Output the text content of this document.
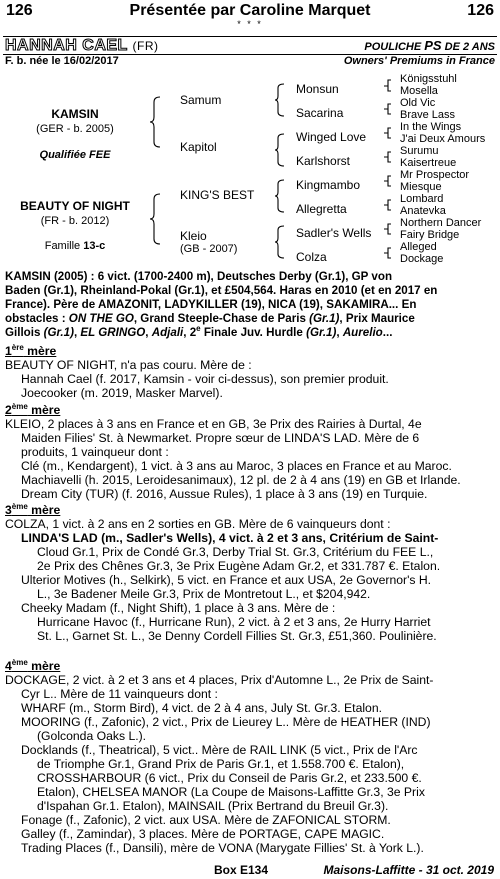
126	Présentée par Caroline Marquet	126
* * *
HANNAH CAEL (FR)	POULICHE PS DE 2 ANS
F. b. née le 16/02/2017	Owners' Premiums in France
KAMSIN
(GER - b. 2005)
Qualifiée FEE
BEAUTY OF NIGHT
(FR - b. 2012)
Famille 13-c
Samum
Kapitol
KING'S BEST
Kleio
(GB - 2007)
Monsun
Sacarina
Winged Love
Karlshorst
Kingmambo
Allegretta
Sadler's Wells
Colza
Königsstuhl
Mosella
Old Vic
Brave Lass
In the Wings
J'ai Deux Amours
Surumu
Kaisertreue
Mr Prospector
Miesque
Lombard
Anatevka
Northern Dancer
Fairy Bridge
Alleged
Dockage
KAMSIN (2005) : 6 vict. (1700-2400 m), Deutsches Derby (Gr.1), GP von
Baden (Gr.1), Rheinland-Pokal (Gr.1), et £504,564. Haras en 2010 (et en 2017 en
France). Père de AMAZONIT, LADYKILLER (19), NICA (19), SAKAMIRA... En
obstacles : ON THE GO, Grand Steeple-Chase de Paris (Gr.1), Prix Maurice
Gillois (Gr.1), EL GRINGO, Adjali, 2e Finale Juv. Hurdle (Gr.1), Aurelio...
1ère mère
BEAUTY OF NIGHT, n'a pas couru. Mère de :
Hannah Cael (f. 2017, Kamsin - voir ci-dessus), son premier produit.
Joecooker (m. 2019, Masker Marvel).
2ème mère
KLEIO, 2 places à 3 ans en France et en GB, 3e Prix des Rairies à Durtal, 4e
Maiden Filies' St. à Newmarket. Propre sœur de LINDA'S LAD. Mère de 6
produits, 1 vainqueur dont :
Clé (m., Kendargent), 1 vict. à 3 ans au Maroc, 3 places en France et au Maroc.
Machiavelli (h. 2015, Leroidesanimaux), 12 pl. de 2 à 4 ans (19) en GB et Irlande.
Dream City (TUR) (f. 2016, Aussue Rules), 1 place à 3 ans (19) en Turquie.
3ème mère
COLZA, 1 vict. à 2 ans en 2 sorties en GB. Mère de 6 vainqueurs dont :
LINDA'S LAD (m., Sadler's Wells), 4 vict. à 2 et 3 ans, Critérium de Saint-
Cloud Gr.1, Prix de Condé Gr.3, Derby Trial St. Gr.3, Critérium du FEE L.,
2e Prix des Chênes Gr.3, 3e Prix Eugène Adam Gr.2, et 331.787 €. Etalon.
Ulterior Motives (h., Selkirk), 5 vict. en France et aux USA, 2e Governor's H.
L., 3e Badener Meile Gr.3, Prix de Montretout L., et $204,942.
Cheeky Madam (f., Night Shift), 1 place à 3 ans. Mère de :
Hurricane Havoc (f., Hurricane Run), 2 vict. à 2 et 3 ans, 2e Hurry Harriet
St. L., Garnet St. L., 3e Denny Cordell Fillies St. Gr.3, £51,360. Poulinière.
4ème mère
DOCKAGE, 2 vict. à 2 et 3 ans et 4 places, Prix d'Automne L., 2e Prix de Saint-
Cyr L.. Mère de 11 vainqueurs dont :
WHARF (m., Storm Bird), 4 vict. de 2 à 4 ans, July St. Gr.3. Etalon.
MOORING (f., Zafonic), 2 vict., Prix de Lieurey L.. Mère de HEATHER (IND)
(Golconda Oaks L.).
Docklands (f., Theatrical), 5 vict.. Mère de RAIL LINK (5 vict., Prix de l'Arc
de Triomphe Gr.1, Grand Prix de Paris Gr.1, et 1.558.700 €. Etalon),
CROSSHARBOUR (6 vict., Prix du Conseil de Paris Gr.2, et 233.500 €.
Etalon), CHELSEA MANOR (La Coupe de Maisons-Laffitte Gr.3, 3e Prix
d'Ispahan Gr.1. Etalon), MAINSAIL (Prix Bertrand du Breuil Gr.3).
Fonage (f., Zafonic), 2 vict. aux USA. Mère de ZAFONICAL STORM.
Galley (f., Zamindar), 3 places. Mère de PORTAGE, CAPE MAGIC.
Trading Places (f., Dansili), mère de VONA (Marygate Fillies' St. à York L.).
Box E134	Maisons-Laffitte - 31 oct. 2019
